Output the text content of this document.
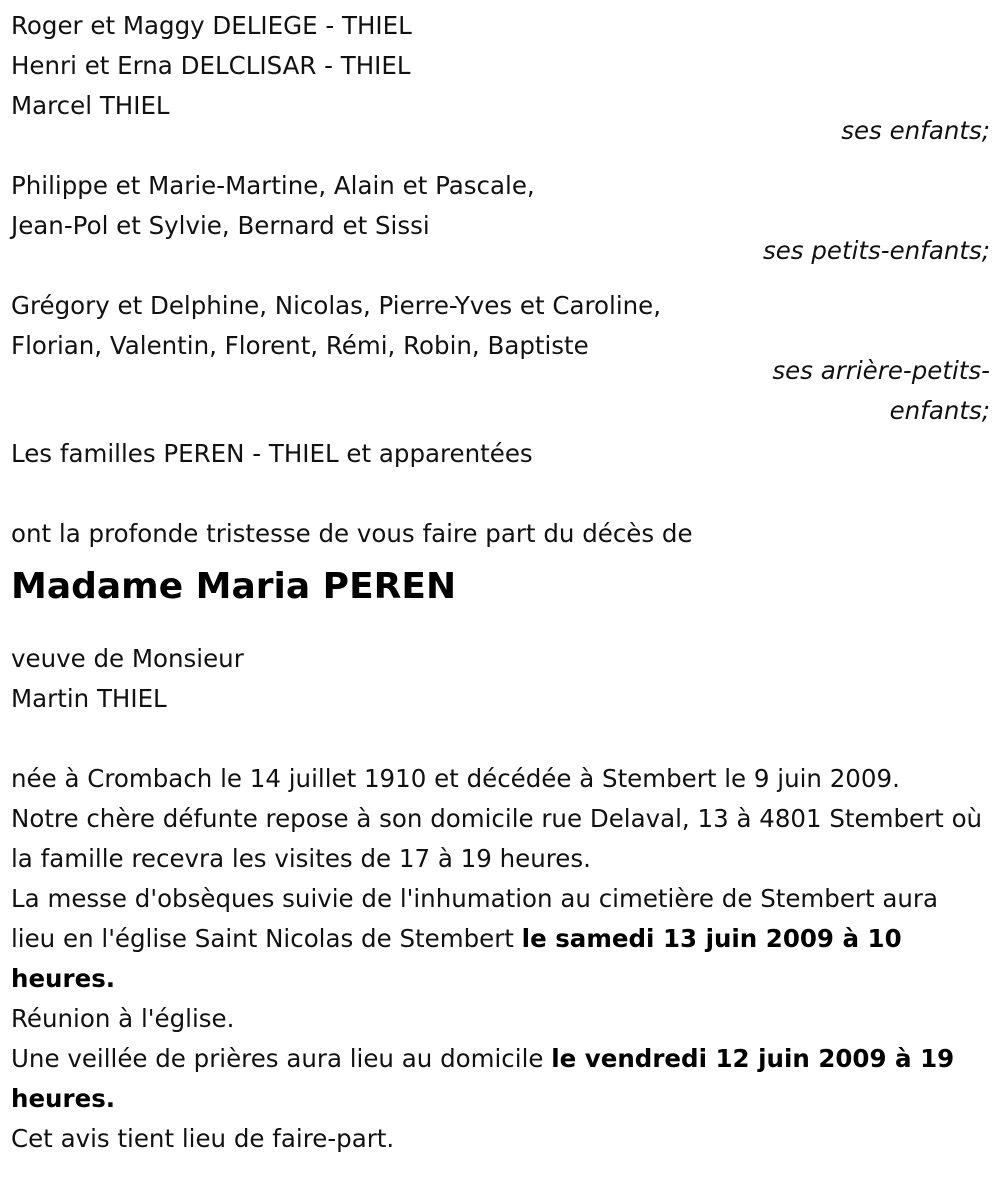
Roger et Maggy DELIEGE - THIEL
Henri et Erna DELCLISAR - THIEL
Marcel THIEL
ses enfants;
Philippe et Marie-Martine, Alain et Pascale,
Jean-Pol et Sylvie, Bernard et Sissi
ses petits-enfants;
Grégory et Delphine, Nicolas, Pierre-Yves et Caroline,
Florian, Valentin, Florent, Rémi, Robin, Baptiste
ses arrière-petits-
enfants;
Les familles PEREN - THIEL et apparentées
ont la profonde tristesse de vous faire part du décès de
Madame Maria PEREN
veuve de Monsieur
Martin THIEL
née à Crombach le 14 juillet 1910 et décédée à Stembert le 9 juin 2009.
Notre chère défunte repose à son domicile rue Delaval, 13 à 4801 Stembert où la famille recevra les visites de 17 à 19 heures.
La messe d'obsèques suivie de l'inhumation au cimetière de Stembert aura lieu en l'église Saint Nicolas de Stembert le samedi 13 juin 2009 à 10 heures.
Réunion à l'église.
Une veillée de prières aura lieu au domicile le vendredi 12 juin 2009 à 19 heures.
Cet avis tient lieu de faire-part.
